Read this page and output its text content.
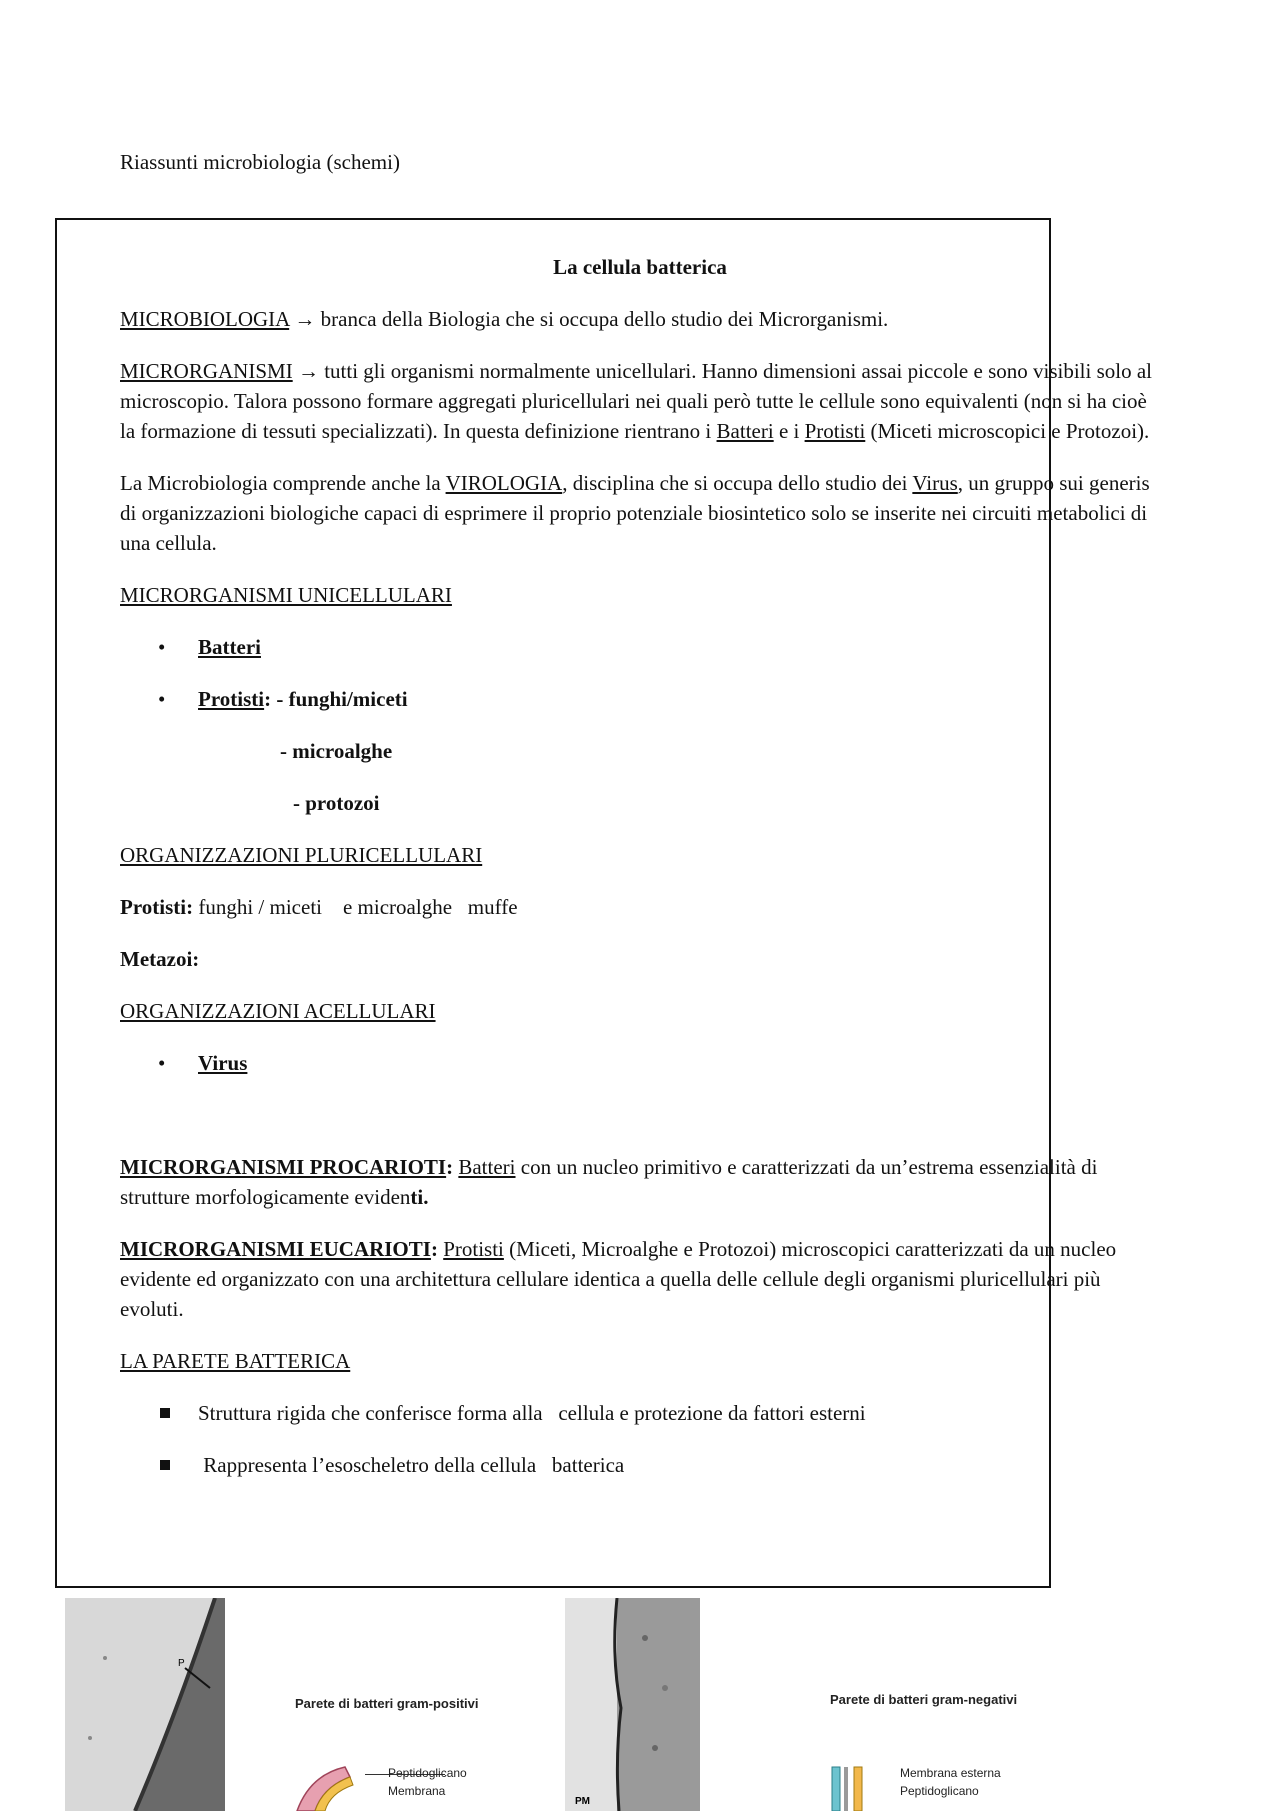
Riassunti microbiologia (schemi)
La cellula batterica

MICROBIOLOGIA → branca della Biologia che si occupa dello studio dei Microrganismi.

MICRORGANISMI → tutti gli organismi normalmente unicellulari. Hanno dimensioni assai piccole e sono visibili solo al microscopio. Talora possono formare aggregati pluricellulari nei quali però tutte le cellule sono equivalenti (non si ha cioè la formazione di tessuti specializzati). In questa definizione rientrano i Batteri e i Protisti (Miceti microscopici e Protozoi).

La Microbiologia comprende anche la VIROLOGIA, disciplina che si occupa dello studio dei Virus, un gruppo sui generis di organizzazioni biologiche capaci di esprimere il proprio potenziale biosintetico solo se inserite nei circuiti metabolici di una cellula.

MICRORGANISMI UNICELLULARI

• Batteri
• Protisti: - funghi/miceti
- microalghe
- protozoi

ORGANIZZAZIONI PLURICELLULARI

Protisti: funghi / miceti    e microalghe   muffe

Metazoi:

ORGANIZZAZIONI ACELLULARI

• Virus

MICRORGANISMI PROCARIOTI: Batteri con un nucleo primitivo e caratterizzati da un’estrema essenzialità di strutture morfologicamente evidenti.

MICRORGANISMI EUCARIOTI: Protisti (Miceti, Microalghe e Protozoi) microscopici caratterizzati da un nucleo evidente ed organizzato con una architettura cellulare identica a quella delle cellule degli organismi pluricellulari più evoluti.

LA PARETE BATTERICA

Struttura rigida che conferisce forma alla   cellula e protezione da fattori esterni
Rappresenta l’esoscheletro della cellula   batterica
P
Parete di batteri gram-positivi
Peptidoglicano
Membrana
PM
Parete di batteri gram-negativi
Membrana esterna
Peptidoglicano
